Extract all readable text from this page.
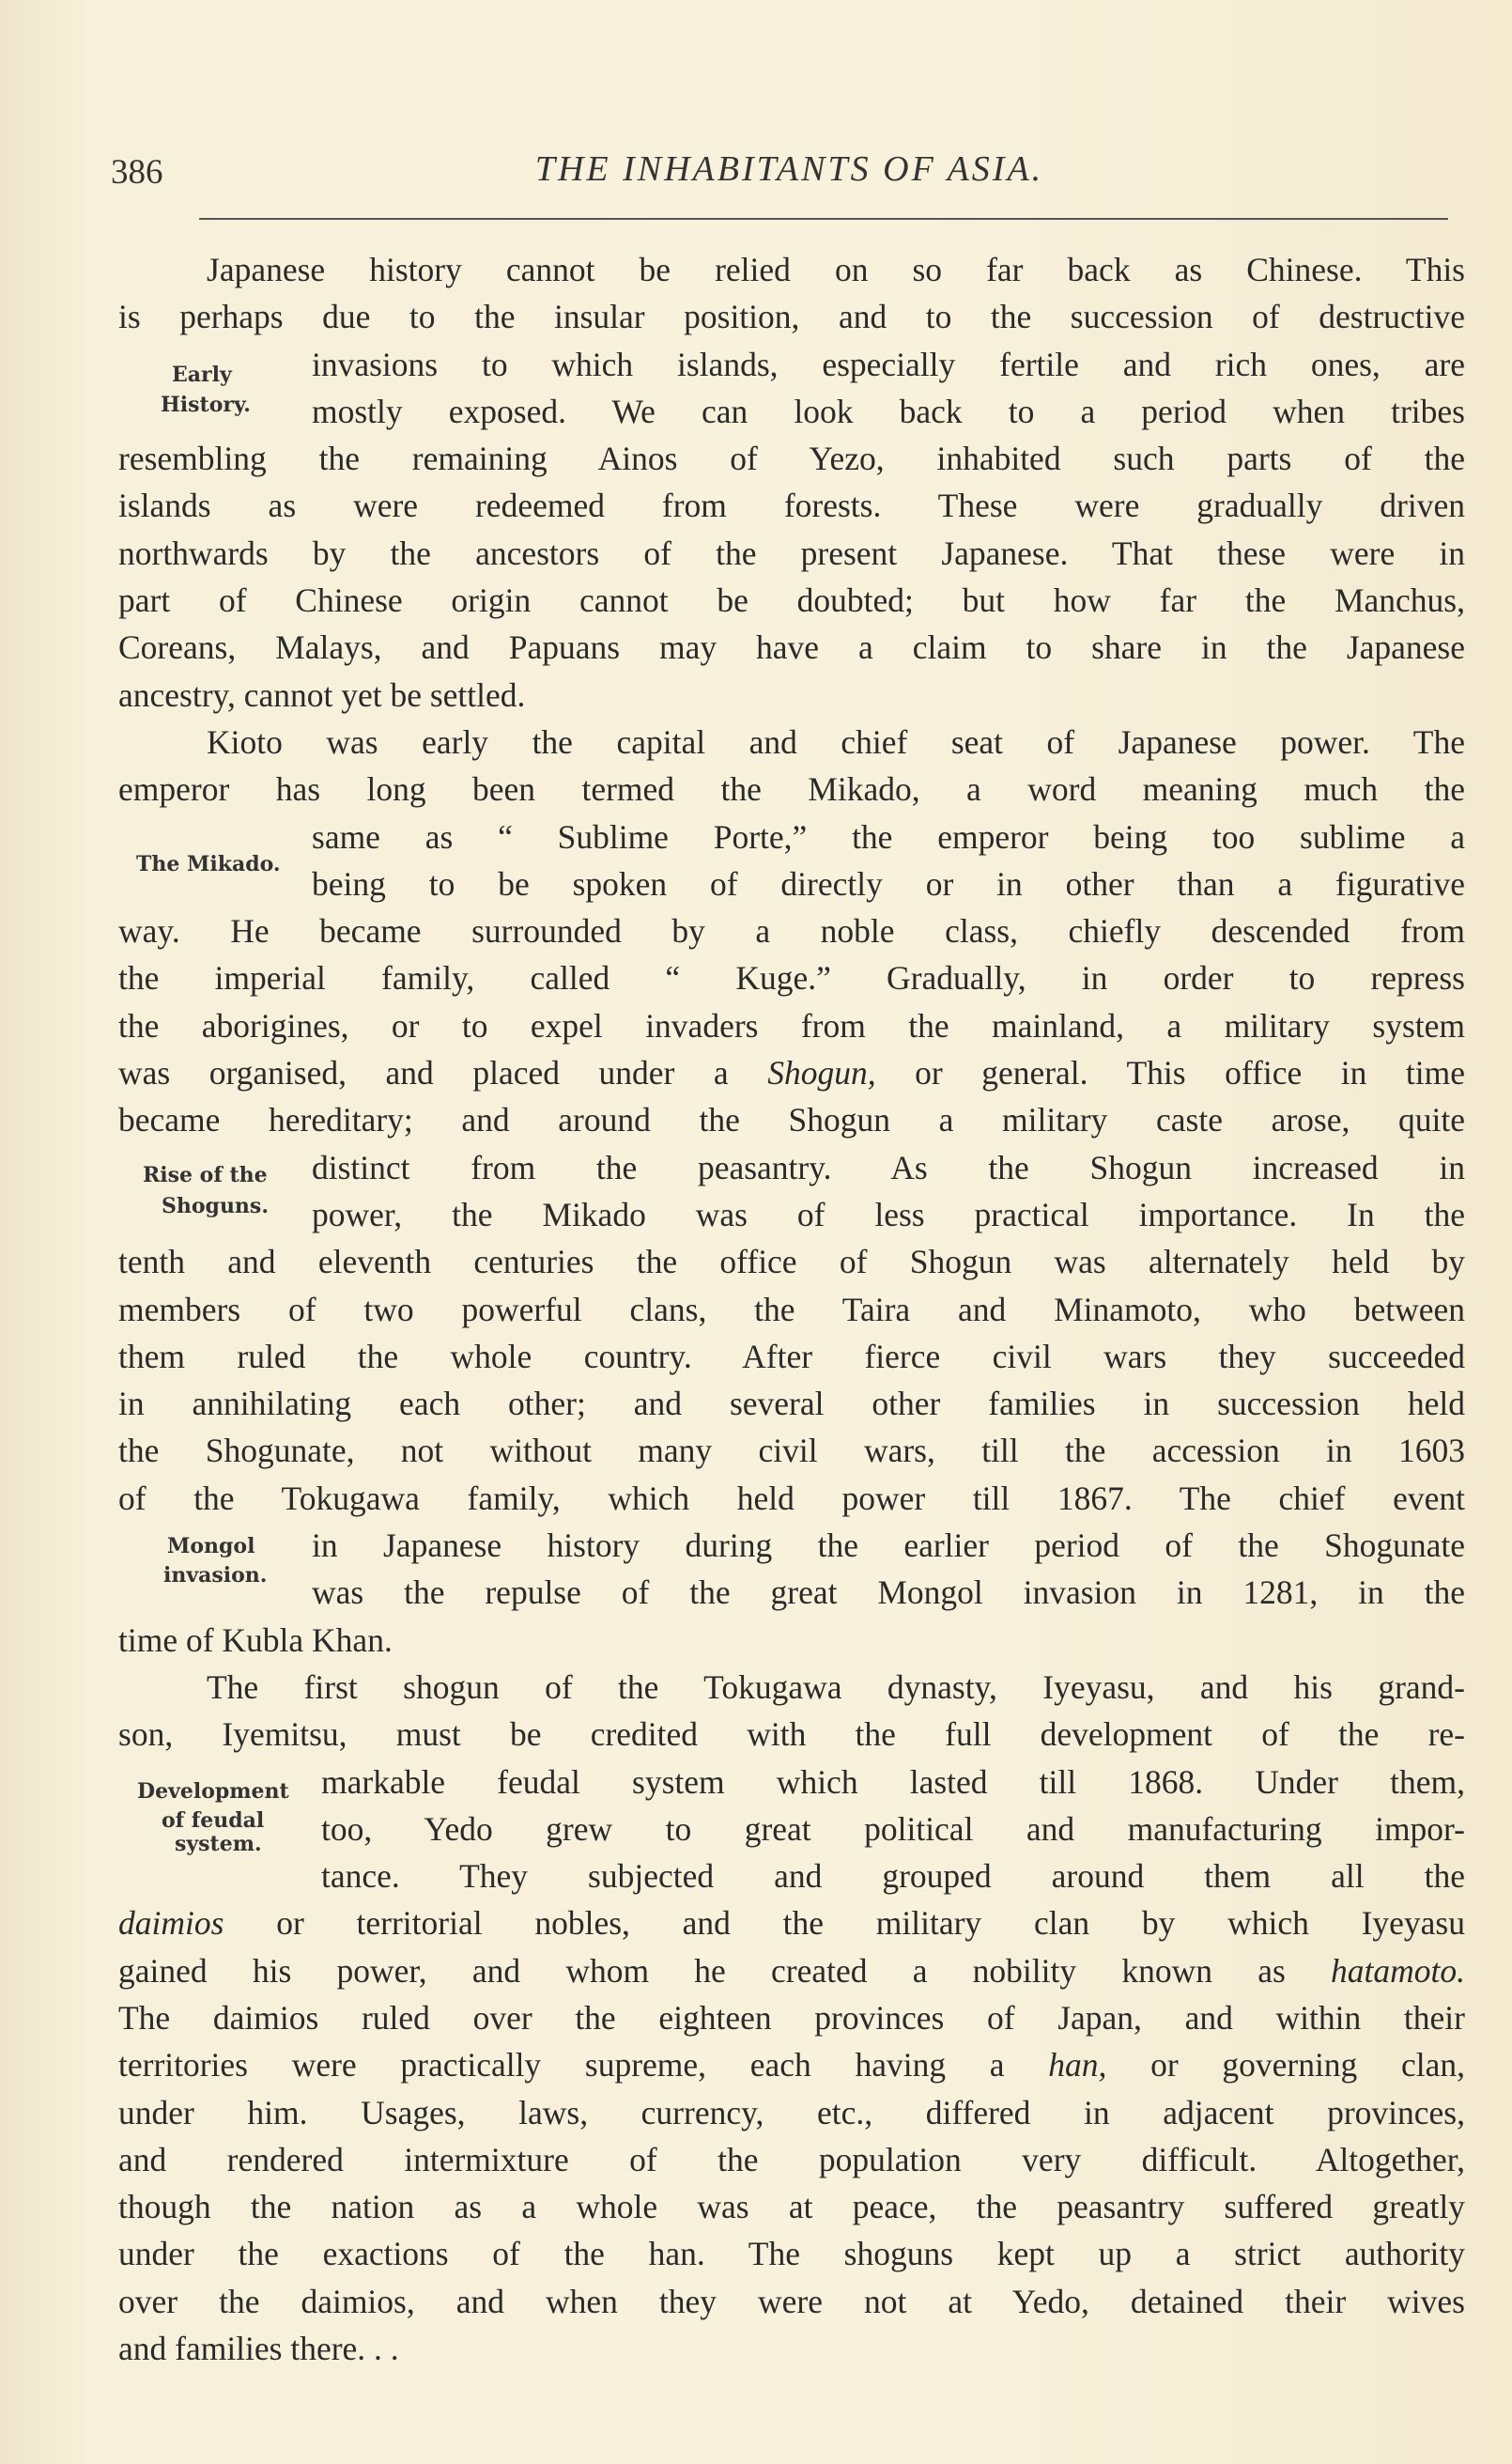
386	THE INHABITANTS OF ASIA.
Early
History.
The Mikado.
Rise of the
Shoguns.
Mongol
invasion.
Development
of feudal
system.
Japanese history cannot be relied on so far back as Chinese. This
is perhaps due to the insular position, and to the succession of destructive
invasions to which islands, especially fertile and rich ones, are
mostly exposed. We can look back to a period when tribes
resembling the remaining Ainos of Yezo, inhabited such parts of the
islands as were redeemed from forests. These were gradually driven
northwards by the ancestors of the present Japanese. That these were in
part of Chinese origin cannot be doubted; but how far the Manchus,
Coreans, Malays, and Papuans may have a claim to share in the Japanese
ancestry, cannot yet be settled.
Kioto was early the capital and chief seat of Japanese power. The
emperor has long been termed the Mikado, a word meaning much the
same as “ Sublime Porte,” the emperor being too sublime a
being to be spoken of directly or in other than a figurative
way. He became surrounded by a noble class, chiefly descended from
the imperial family, called “ Kuge.” Gradually, in order to repress
the aborigines, or to expel invaders from the mainland, a military system
was organised, and placed under a Shogun, or general. This office in time
became hereditary; and around the Shogun a military caste arose, quite
distinct from the peasantry. As the Shogun increased in
power, the Mikado was of less practical importance. In the
tenth and eleventh centuries the office of Shogun was alternately held by
members of two powerful clans, the Taira and Minamoto, who between
them ruled the whole country. After fierce civil wars they succeeded
in annihilating each other; and several other families in succession held
the Shogunate, not without many civil wars, till the accession in 1603
of the Tokugawa family, which held power till 1867. The chief event
in Japanese history during the earlier period of the Shogunate
was the repulse of the great Mongol invasion in 1281, in the
time of Kubla Khan.
The first shogun of the Tokugawa dynasty, Iyeyasu, and his grand-
son, Iyemitsu, must be credited with the full development of the re-
markable feudal system which lasted till 1868. Under them,
too, Yedo grew to great political and manufacturing impor-
tance. They subjected and grouped around them all the
daimios or territorial nobles, and the military clan by which Iyeyasu
gained his power, and whom he created a nobility known as hatamoto.
The daimios ruled over the eighteen provinces of Japan, and within their
territories were practically supreme, each having a han, or governing clan,
under him. Usages, laws, currency, etc., differed in adjacent provinces,
and rendered intermixture of the population very difficult. Altogether,
though the nation as a whole was at peace, the peasantry suffered greatly
under the exactions of the han. The shoguns kept up a strict authority
over the daimios, and when they were not at Yedo, detained their wives
and families there. . .
